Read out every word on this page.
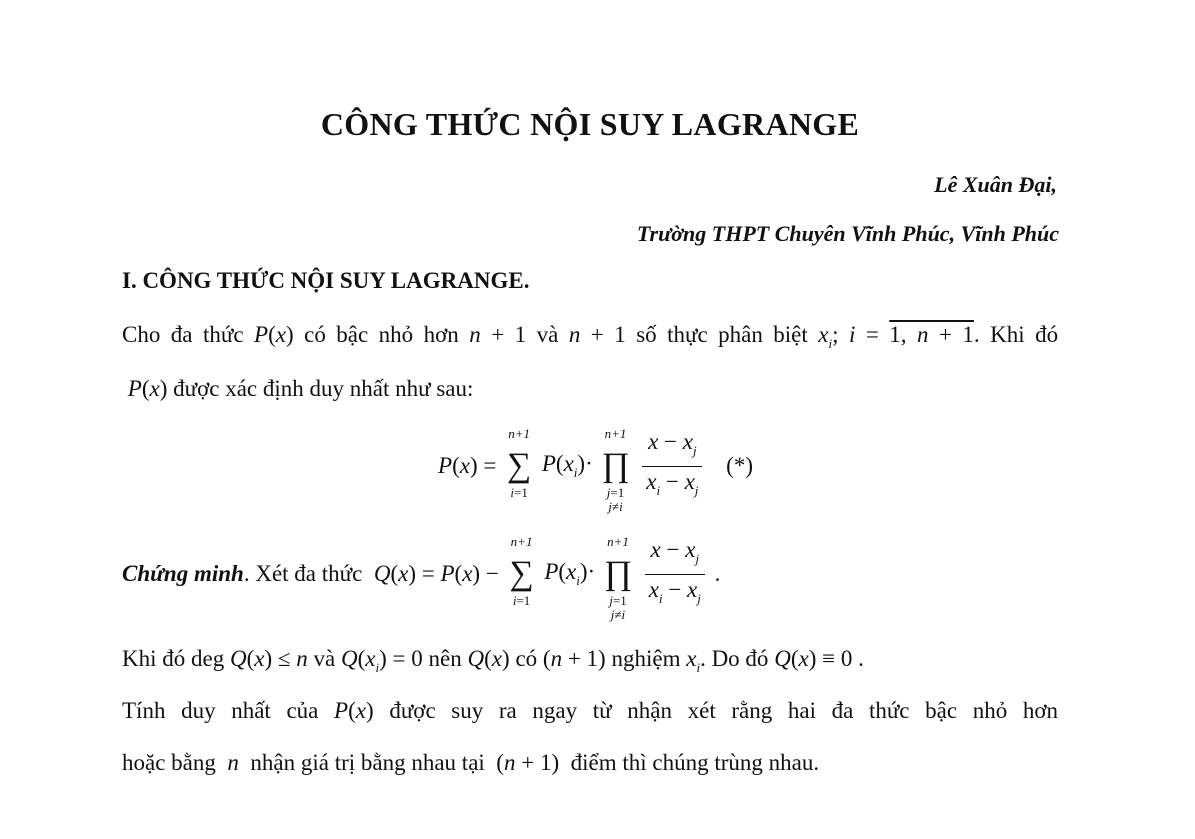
CÔNG THỨC NỘI SUY LAGRANGE
Lê Xuân Đại,
Trường THPT Chuyên Vĩnh Phúc, Vĩnh Phúc
I. CÔNG THỨC NỘI SUY LAGRANGE.
Cho đa thức P(x) có bậc nhỏ hơn n + 1 và n + 1 số thực phân biệt $x_i$; i = 1, n + 1. Khi đó
P(x) được xác định duy nhất như sau:
P(x) =
n+1
∑
i=1
$P(x_i)\cdot$
n+1
∏
j=1
j≠i

$\frac{x - x_j}{x_i - x_j}$ (*)
Chứng minh. Xét đa thức Q(x) = P(x) −
n+1
∑
i=1
$P(x_i)\cdot$
n+1
∏
j=1
j≠i

$\frac{x - x_j}{x_i - x_j}$ .
Khi đó deg Q(x) ≤ n và $Q(x_i) = 0$ nên Q(x) có (n + 1) nghiệm $x_i$. Do đó Q(x) ≡ 0 .
Tính duy nhất của P(x) được suy ra ngay từ nhận xét rằng hai đa thức bậc nhỏ hơn
hoặc bằng n nhận giá trị bằng nhau tại  (n + 1)  điểm thì chúng trùng nhau.
